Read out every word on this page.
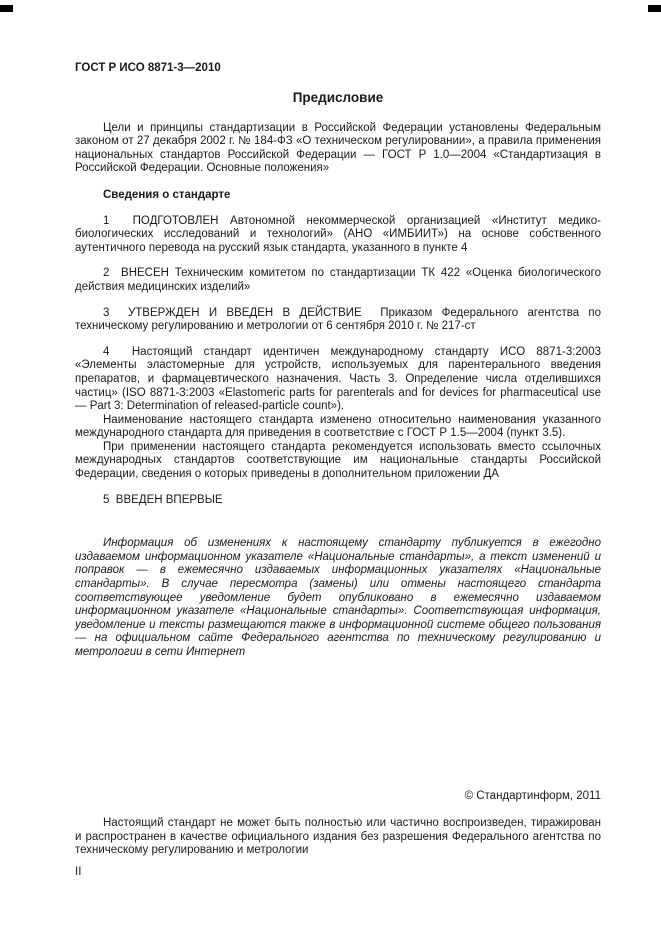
ГОСТ Р ИСО 8871-3—2010
Предисловие

Цели и принципы стандартизации в Российской Федерации установлены Федеральным законом от 27 декабря 2002 г. № 184-ФЗ «О техническом регулировании», а правила применения национальных стандартов Российской Федерации — ГОСТ Р 1.0—2004 «Стандартизация в Российской Федерации. Основные положения»

Сведения о стандарте

1  ПОДГОТОВЛЕН Автономной некоммерческой организацией «Институт медико-биологических исследований и технологий» (АНО «ИМБИИТ») на основе собственного аутентичного перевода на русский язык стандарта, указанного в пункте 4

2  ВНЕСЕН Техническим комитетом по стандартизации ТК 422 «Оценка биологического действия медицинских изделий»

3  УТВЕРЖДЕН И ВВЕДЕН В ДЕЙСТВИЕ  Приказом Федерального агентства по техническому регулированию и метрологии от 6 сентября 2010 г. № 217-ст

4  Настоящий стандарт идентичен международному стандарту ИСО 8871-3:2003 «Элементы эластомерные для устройств, используемых для парентерального введения препаратов, и фармацевтического назначения. Часть 3. Определение числа отделившихся частиц» (ISO 8871-3:2003 «Elastomeric parts for parenterals and for devices for pharmaceutical use — Part 3: Determination of released-particle count»).

Наименование настоящего стандарта изменено относительно наименования указанного международного стандарта для приведения в соответствие с ГОСТ Р 1.5—2004 (пункт 3.5).

При применении настоящего стандарта рекомендуется использовать вместо ссылочных международных стандартов соответствующие им национальные стандарты Российской Федерации, сведения о которых приведены в дополнительном приложении ДА

5  ВВЕДЕН ВПЕРВЫЕ

Информация об изменениях к настоящему стандарту публикуется в ежегодно издаваемом информационном указателе «Национальные стандарты», а текст изменений и поправок — в ежемесячно издаваемых информационных указателях «Национальные стандарты». В случае пересмотра (замены) или отмены настоящего стандарта соответствующее уведомление будет опубликовано в ежемесячно издаваемом информационном указателе «Национальные стандарты». Соответствующая информация, уведомление и тексты размещаются также в информационной системе общего пользования — на официальном сайте Федерального агентства по техническому регулированию и метрологии в сети Интернет

© Стандартинформ, 2011

Настоящий стандарт не может быть полностью или частично воспроизведен, тиражирован и распространен в качестве официального издания без разрешения Федерального агентства по техническому регулированию и метрологии

II
